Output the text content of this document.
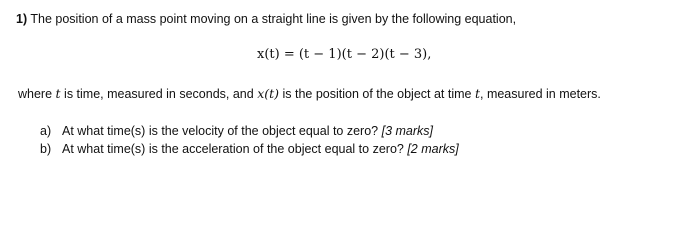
1) The position of a mass point moving on a straight line is given by the following equation,
x(t) = (t − 1)(t − 2)(t − 3),
where t is time, measured in seconds, and x(t) is the position of the object at time t, measured in meters.
a) At what time(s) is the velocity of the object equal to zero? [3 marks]
b) At what time(s) is the acceleration of the object equal to zero? [2 marks]
